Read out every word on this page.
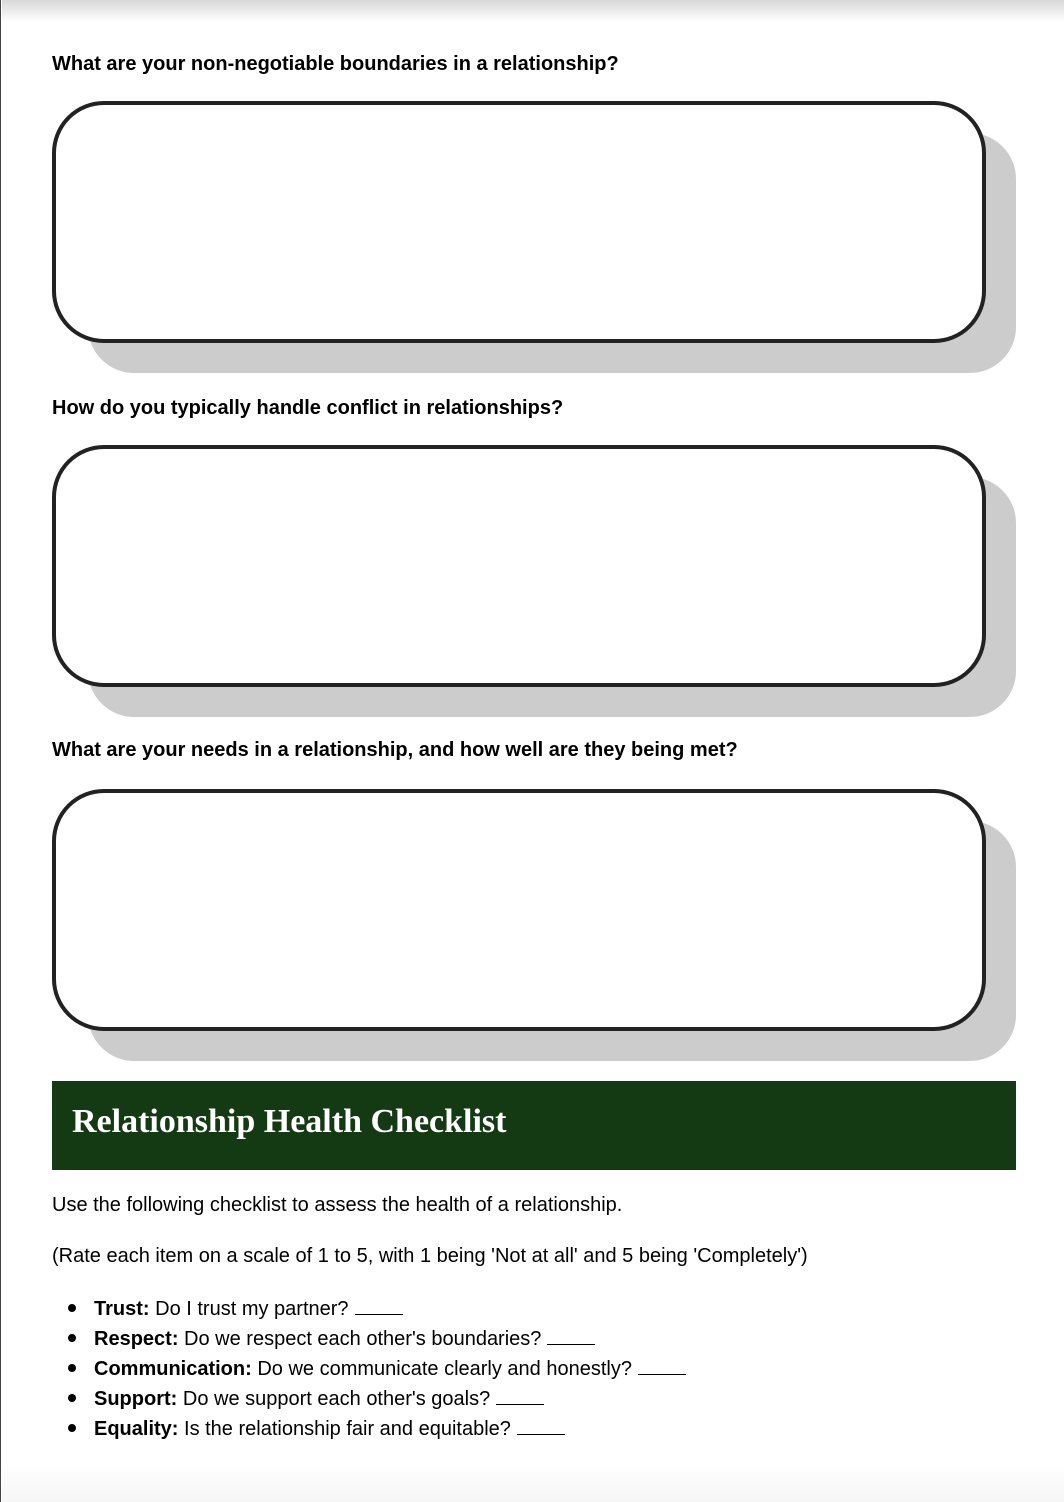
What are your non-negotiable boundaries in a relationship?
How do you typically handle conflict in relationships?
What are your needs in a relationship, and how well are they being met?
Relationship Health Checklist
Use the following checklist to assess the health of a relationship.
(Rate each item on a scale of 1 to 5, with 1 being 'Not at all' and 5 being 'Completely')
Trust: Do I trust my partner?
Respect: Do we respect each other's boundaries?
Communication: Do we communicate clearly and honestly?
Support: Do we support each other's goals?
Equality: Is the relationship fair and equitable?
